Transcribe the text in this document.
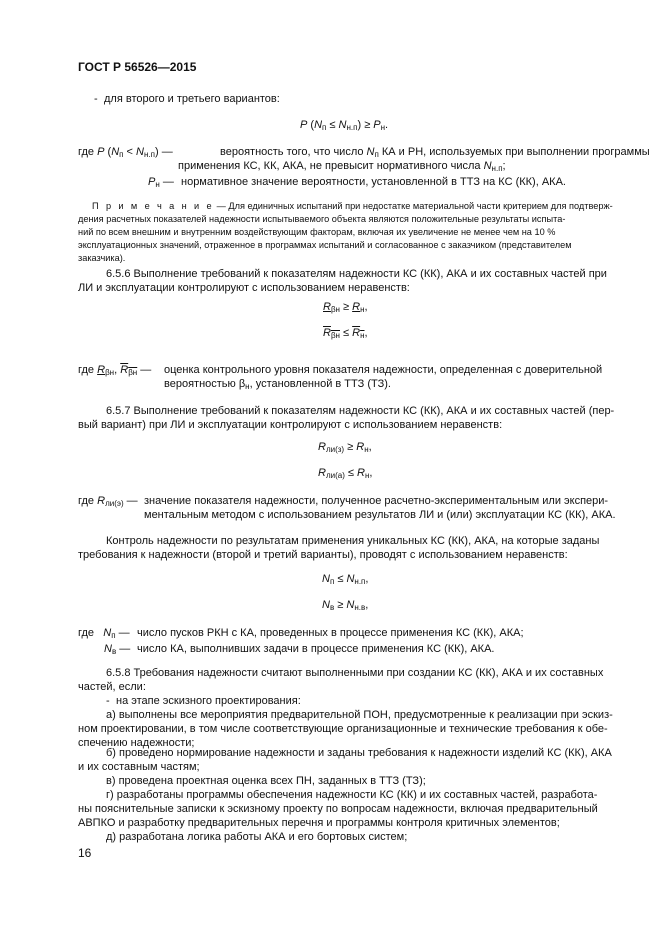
ГОСТ Р 56526—2015
- для второго и третьего вариантов:
P $(N_п \le N_{н.п}) \ge P_н$.
где P $(N_п < N_{н.п})$ —	вероятность того, что число $N_п$ КА и РН, используемых при выполнении программы
применения КС, КК, АКА, не превысит нормативного числа $N_{н.п}$;
$P_н$ — нормативное значение вероятности, установленной в ТТЗ на КС (КК), АКА.
П р и м е ч а н и е — Для единичных испытаний при недостатке материальной части критерием для подтверж-
дения расчетных показателей надежности испытываемого объекта являются положительные результаты испыта-
ний по всем внешним и внутренним воздействующим факторам, включая их увеличение не менее чем на 10 %
эксплуатационных значений, отраженное в программах испытаний и согласованное с заказчиком (представителем
заказчика).
6.5.6 Выполнение требований к показателям надежности КС (КК), АКА и их составных частей при
ЛИ и эксплуатации контролируют с использованием неравенств:
$R_{\beta н} \ge R_н$,
$R_{\beta н} \le R_н$,
где $R_{\beta н}$, $R_{\beta н}$ — оценка контрольного уровня показателя надежности, определенная с доверительной
вероятностью $\beta_н$, установленной в ТТЗ (ТЗ).
6.5.7 Выполнение требований к показателям надежности КС (КК), АКА и их составных частей (пер-
вый вариант) при ЛИ и эксплуатации контролируют с использованием неравенств:
$R_{ли(з)} \ge R_н$,
$R_{ли(а)} \le R_н$,
где $R_{ли(э)}$ — значение показателя надежности, полученное расчетно-экспериментальным или экспери-
ментальным методом с использованием результатов ЛИ и (или) эксплуатации КС (КК), АКА.
Контроль надежности по результатам применения уникальных КС (КК), АКА, на которые заданы
требования к надежности (второй и третий варианты), проводят с использованием неравенств:
$N_п \le N_{н.п}$,
$N_в \ge N_{н.в}$,
где   $N_п$ — число пусков РКН с КА, проведенных в процессе применения КС (КК), АКА;
$N_в$ — число КА, выполнивших задачи в процессе применения КС (КК), АКА.
6.5.8 Требования надежности считают выполненными при создании КС (КК), АКА и их составных
частей, если:
- на этапе эскизного проектирования:
а) выполнены все мероприятия предварительной ПОН, предусмотренные к реализации при эскиз-
ном проектировании, в том числе соответствующие организационные и технические требования к обе-
спечению надежности;
б) проведено нормирование надежности и заданы требования к надежности изделий КС (КК), АКА
и их составным частям;
в) проведена проектная оценка всех ПН, заданных в ТТЗ (ТЗ);
г) разработаны программы обеспечения надежности КС (КК) и их составных частей, разработа-
ны пояснительные записки к эскизному проекту по вопросам надежности, включая предварительный
АВПКО и разработку предварительных перечня и программы контроля критичных элементов;
д) разработана логика работы АКА и его бортовых систем;
16
